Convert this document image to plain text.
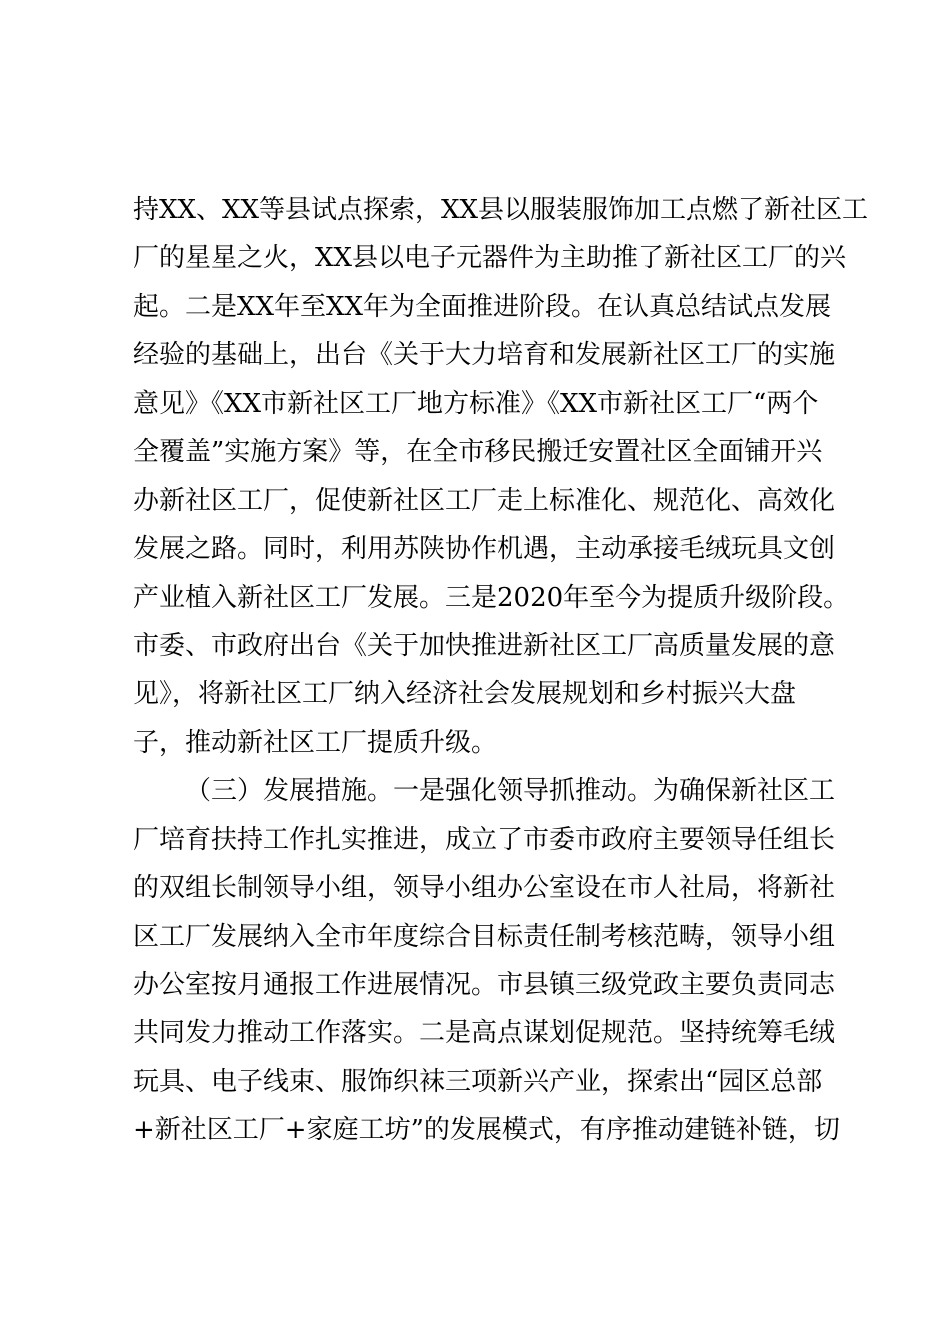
持XX、XX等县试点探索，XX县以服装服饰加工点燃了新社区工
厂的星星之火，XX县以电子元器件为主助推了新社区工厂的兴
起。二是XX年至XX年为全面推进阶段。在认真总结试点发展
经验的基础上，出台《关于大力培育和发展新社区工厂的实施
意见》《XX市新社区工厂地方标准》《XX市新社区工厂“两个
全覆盖”实施方案》等，在全市移民搬迁安置社区全面铺开兴
办新社区工厂，促使新社区工厂走上标准化、规范化、高效化
发展之路。同时，利用苏陕协作机遇，主动承接毛绒玩具文创
产业植入新社区工厂发展。三是2020年至今为提质升级阶段。
市委、市政府出台《关于加快推进新社区工厂高质量发展的意
见》，将新社区工厂纳入经济社会发展规划和乡村振兴大盘
子，推动新社区工厂提质升级。
（三）发展措施。一是强化领导抓推动。为确保新社区工
厂培育扶持工作扎实推进，成立了市委市政府主要领导任组长
的双组长制领导小组，领导小组办公室设在市人社局，将新社
区工厂发展纳入全市年度综合目标责任制考核范畴，领导小组
办公室按月通报工作进展情况。市县镇三级党政主要负责同志
共同发力推动工作落实。二是高点谋划促规范。坚持统筹毛绒
玩具、电子线束、服饰织袜三项新兴产业，探索出“园区总部
+新社区工厂+家庭工坊”的发展模式，有序推动建链补链，切
